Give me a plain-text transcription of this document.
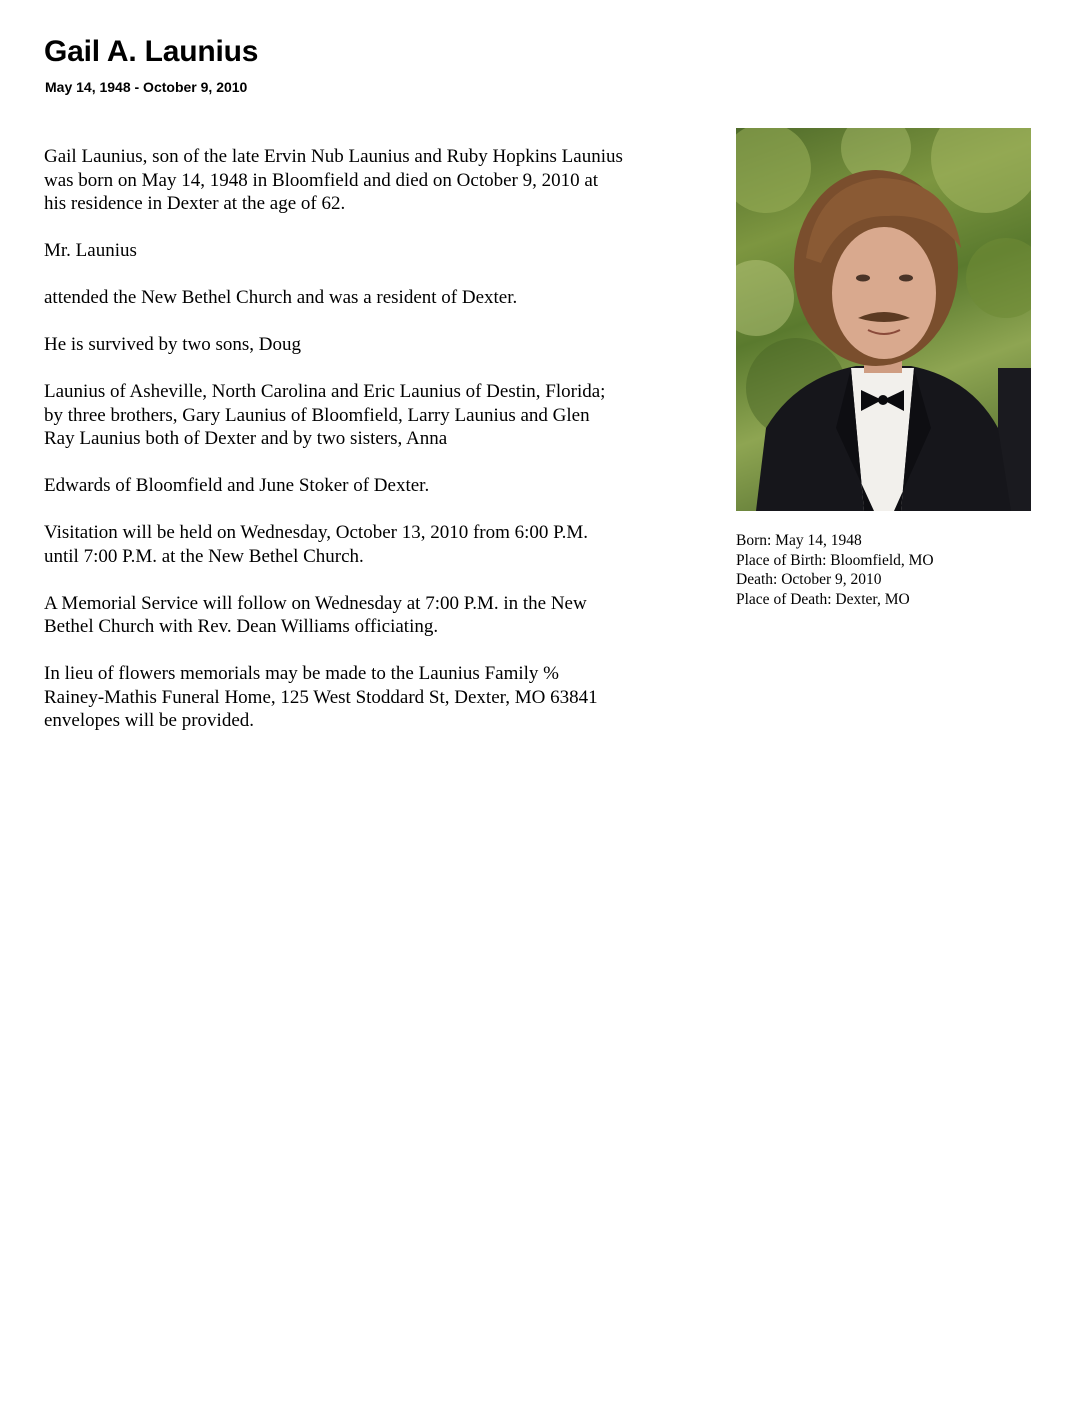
Gail A. Launius
May 14, 1948 - October 9, 2010

Gail Launius, son of the late Ervin Nub Launius and Ruby Hopkins Launius
was born on May 14, 1948 in Bloomfield and died on October 9, 2010 at
his residence in Dexter at the age of 62.

Mr. Launius

attended the New Bethel Church and was a resident of Dexter.

He is survived by two sons, Doug

Launius of Asheville, North Carolina and Eric Launius of Destin, Florida;
by three brothers, Gary Launius of Bloomfield, Larry Launius and Glen
Ray Launius both of Dexter and by two sisters, Anna

Edwards of Bloomfield and June Stoker of Dexter.

Visitation will be held on Wednesday, October 13, 2010 from 6:00 P.M.
until 7:00 P.M. at the New Bethel Church.

A Memorial Service will follow on Wednesday at 7:00 P.M. in the New
Bethel Church with Rev. Dean Williams officiating.

In lieu of flowers memorials may be made to the Launius Family %
Rainey-Mathis Funeral Home, 125 West Stoddard St, Dexter, MO 63841
envelopes will be provided.

Born: May 14, 1948
Place of Birth: Bloomfield, MO
Death: October 9, 2010
Place of Death: Dexter, MO
